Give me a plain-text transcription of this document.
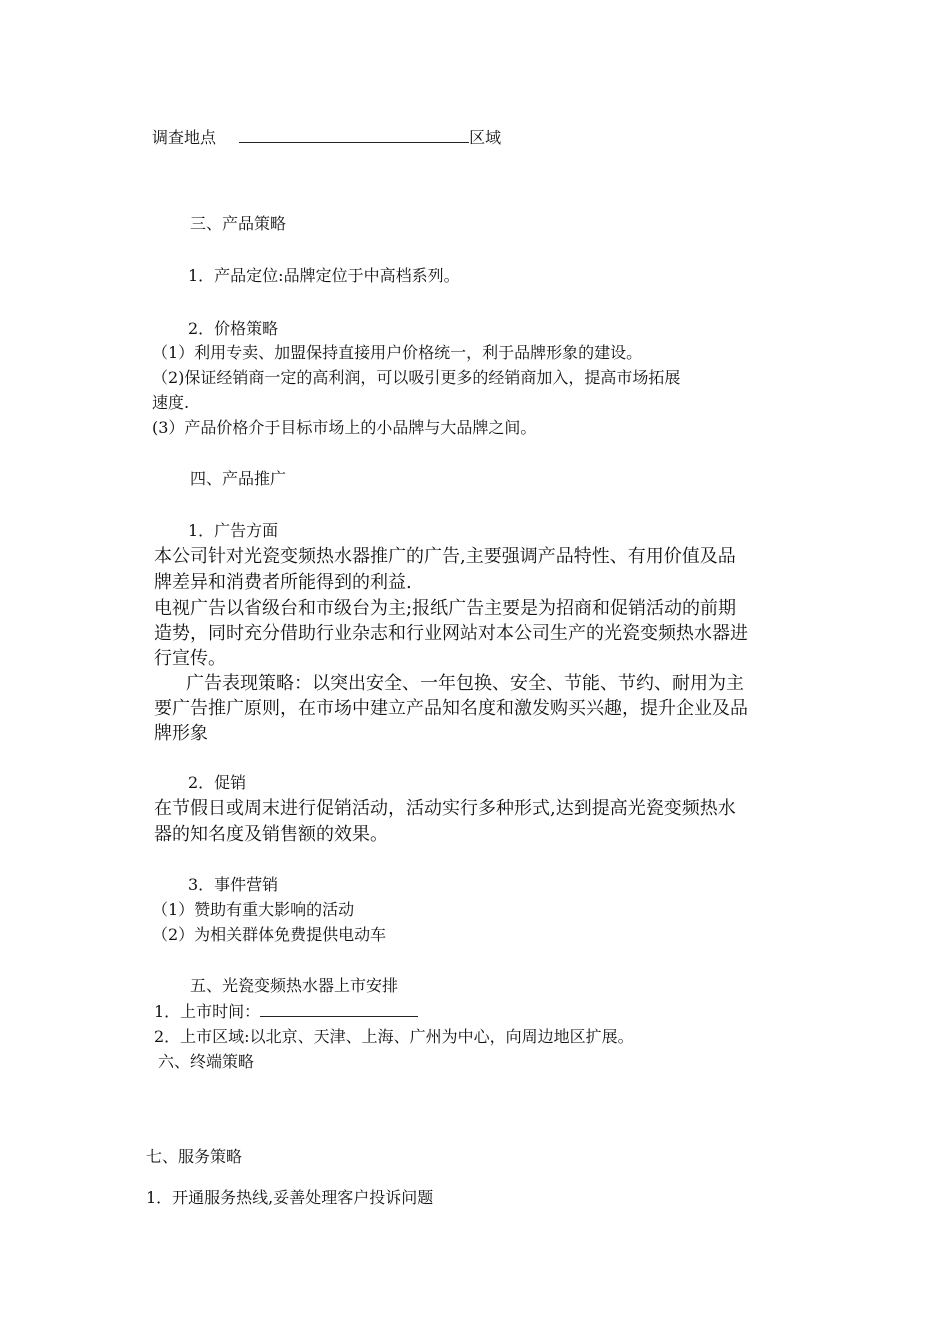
调查地点	区域
三、产品策略
1．产品定位:品牌定位于中高档系列。
2．价格策略
（1）利用专卖、加盟保持直接用户价格统一，利于品牌形象的建设。
（2)保证经销商一定的高利润，可以吸引更多的经销商加入，提高市场拓展
速度.
(3）产品价格介于目标市场上的小品牌与大品牌之间。
四、产品推广
1．广告方面
本公司针对光瓷变频热水器推广的广告,主要强调产品特性、有用价值及品
牌差异和消费者所能得到的利益.
电视广告以省级台和市级台为主;报纸广告主要是为招商和促销活动的前期
造势，同时充分借助行业杂志和行业网站对本公司生产的光瓷变频热水器进
行宣传。
广告表现策略：以突出安全、一年包换、安全、节能、节约、耐用为主
要广告推广原则，在市场中建立产品知名度和激发购买兴趣，提升企业及品
牌形象
2．促销
在节假日或周末进行促销活动，活动实行多种形式,达到提高光瓷变频热水
器的知名度及销售额的效果。
3．事件营销
（1）赞助有重大影响的活动
（2）为相关群体免费提供电动车
五、光瓷变频热水器上市安排
1．上市时间：
2．上市区域:以北京、天津、上海、广州为中心，向周边地区扩展。
六、终端策略
七、服务策略
1．开通服务热线,妥善处理客户投诉问题
